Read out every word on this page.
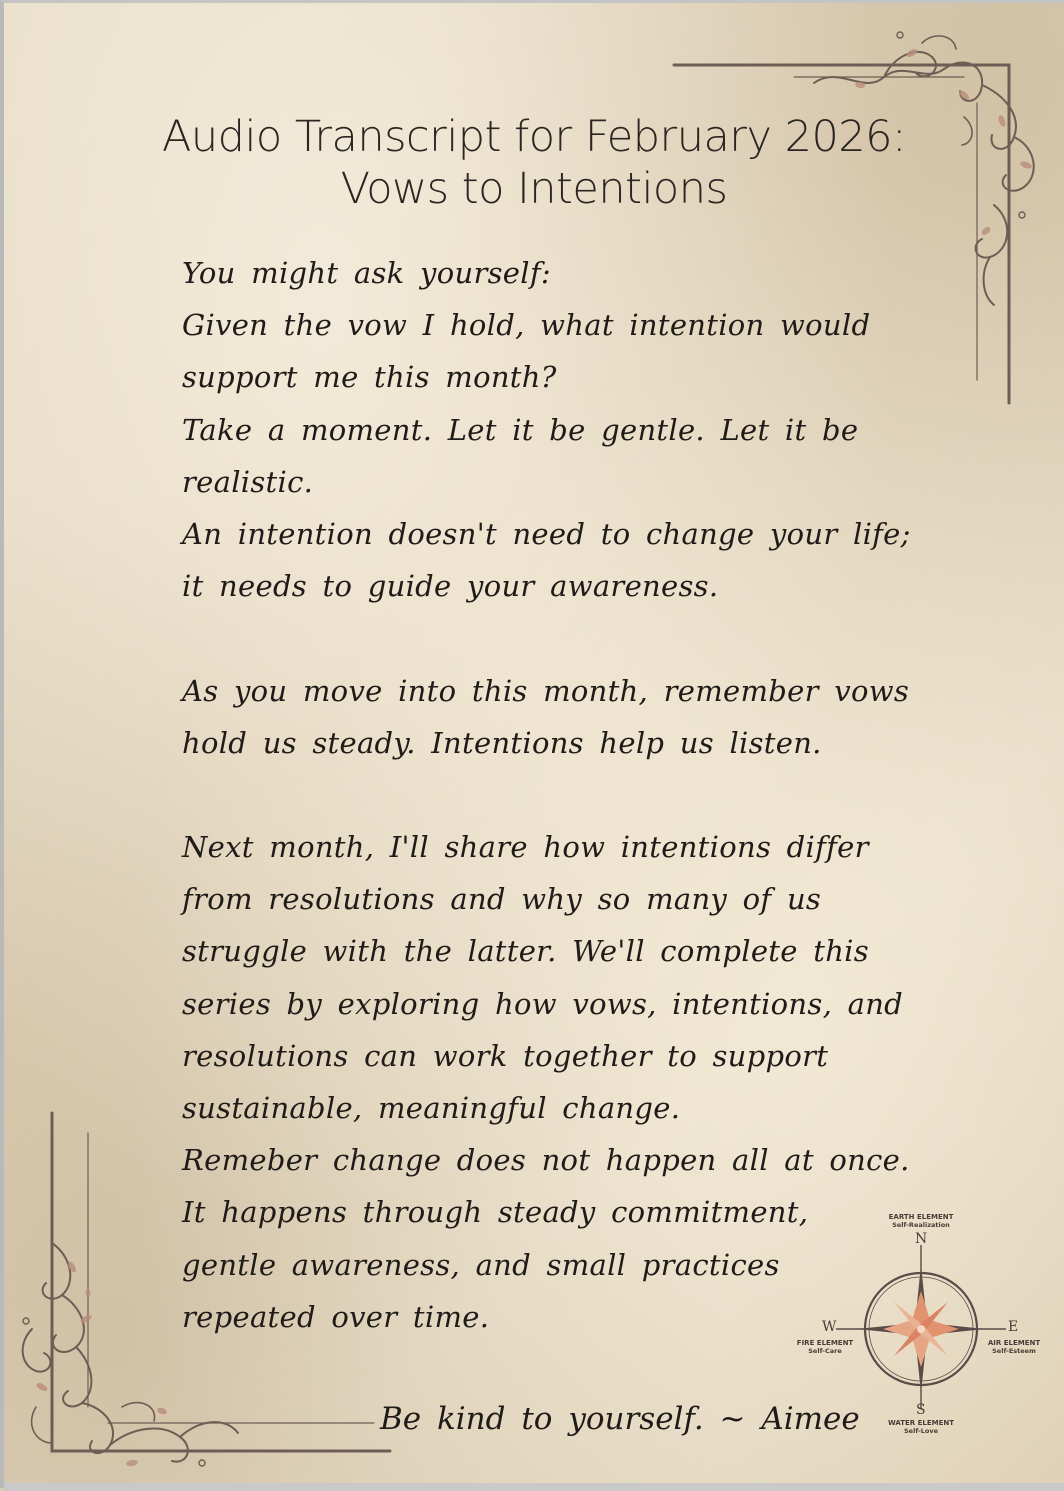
Audio Transcript for February 2026:
Vows to Intentions
You might ask yourself:
Given the vow I hold, what intention would
support me this month?
Take a moment. Let it be gentle. Let it be
realistic.
An intention doesn't need to change your life;
it needs to guide your awareness.
As you move into this month, remember vows
hold us steady. Intentions help us listen.
Next month, I'll share how intentions differ
from resolutions and why so many of us
struggle with the latter. We'll complete this
series by exploring how vows, intentions, and
resolutions can work together to support
sustainable, meaningful change.
Remeber change does not happen all at once.
It happens through steady commitment,
gentle awareness, and small practices
repeated over time.
Be kind to yourself. ~ Aimee
EARTH ELEMENT
Self-Realization
FIRE ELEMENT
Self-Care
AIR ELEMENT
Self-Esteem
WATER ELEMENT
Self-Love
N
S
W	E
